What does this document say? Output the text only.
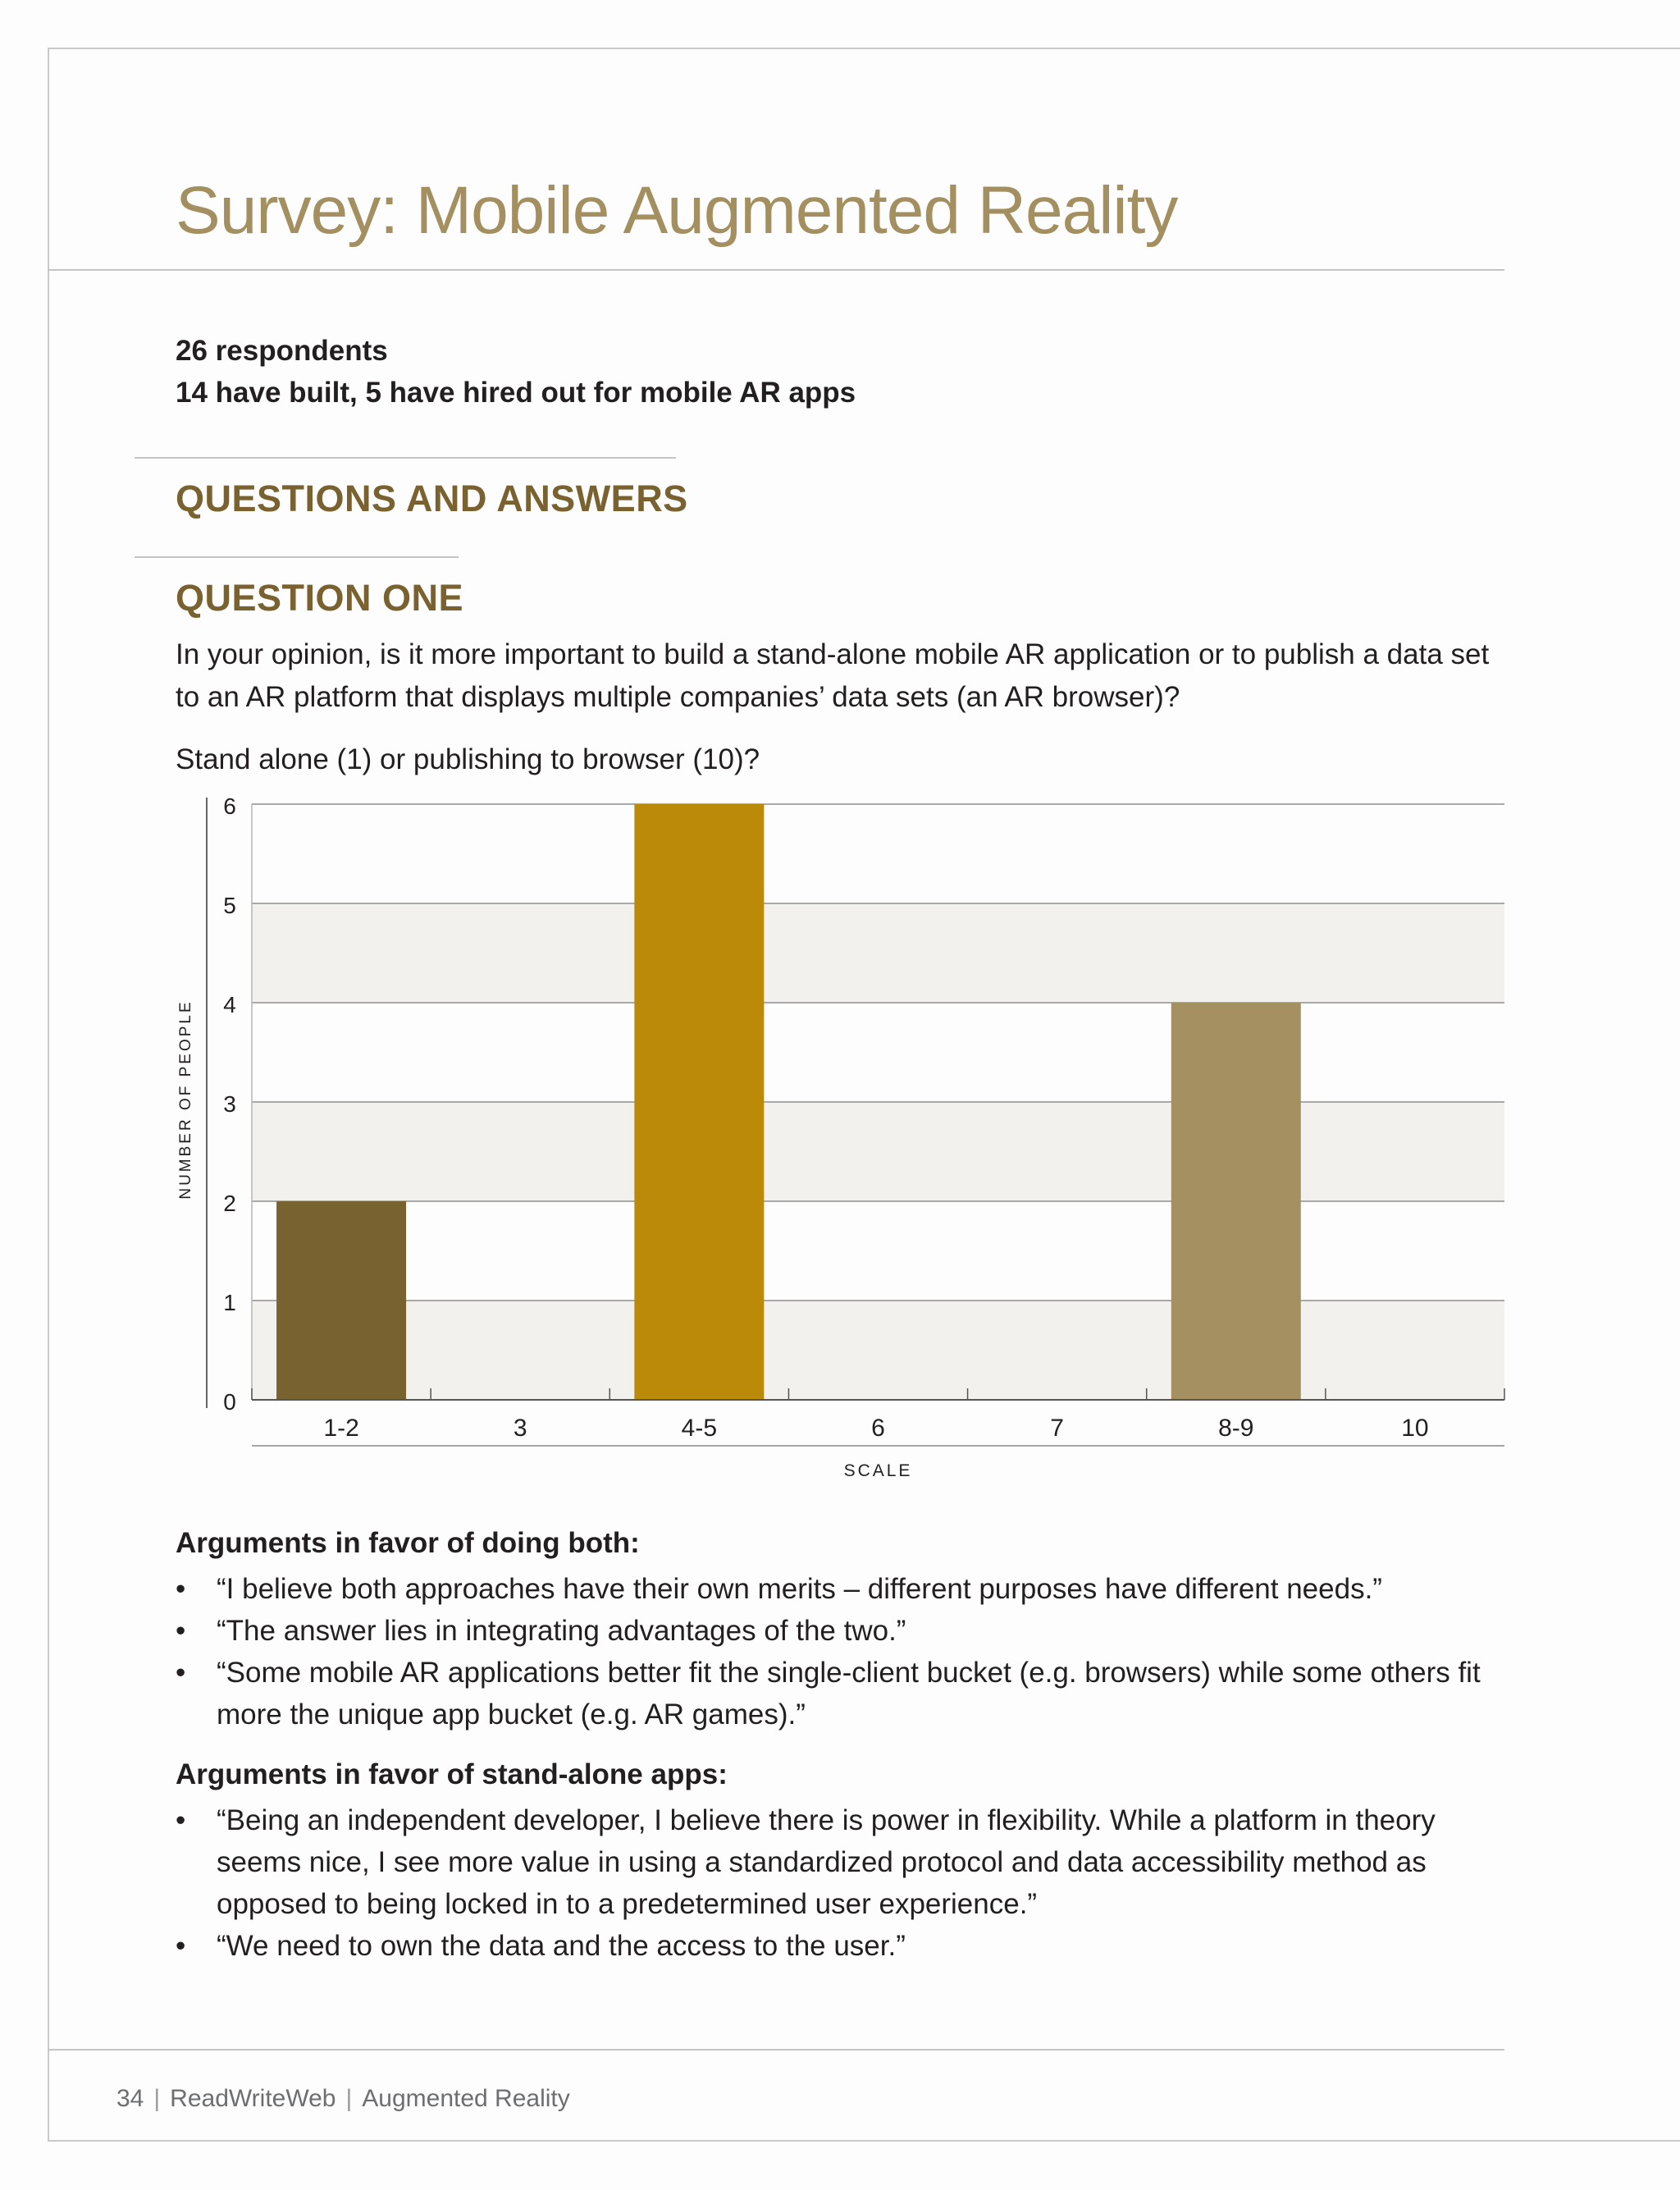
Survey: Mobile Augmented Reality
26 respondents
14 have built, 5 have hired out for mobile AR apps
QUESTIONS AND ANSWERS
QUESTION ONE
In your opinion, is it more important to build a stand-alone mobile AR application or to publish a data set to an AR platform that displays multiple companies’ data sets (an AR browser)?
Stand alone (1) or publishing to browser (10)?
0
1
2
3
4
5
6
1-2	3	4-5	6	7	8-9	10
SCALE
NUMBER OF PEOPLE
Arguments in favor of doing both:
•	“I believe both approaches have their own merits – different purposes have different needs.”
•	“The answer lies in integrating advantages of the two.”
•	“Some mobile AR applications better fit the single-client bucket (e.g. browsers) while some others fit more the unique app bucket (e.g. AR games).”
Arguments in favor of stand-alone apps:
•	“Being an independent developer, I believe there is power in flexibility. While a platform in theory seems nice, I see more value in using a standardized protocol and data accessibility method as opposed to being locked in to a predetermined user experience.”
•	“We need to own the data and the access to the user.”
34 | ReadWriteWeb | Augmented Reality
